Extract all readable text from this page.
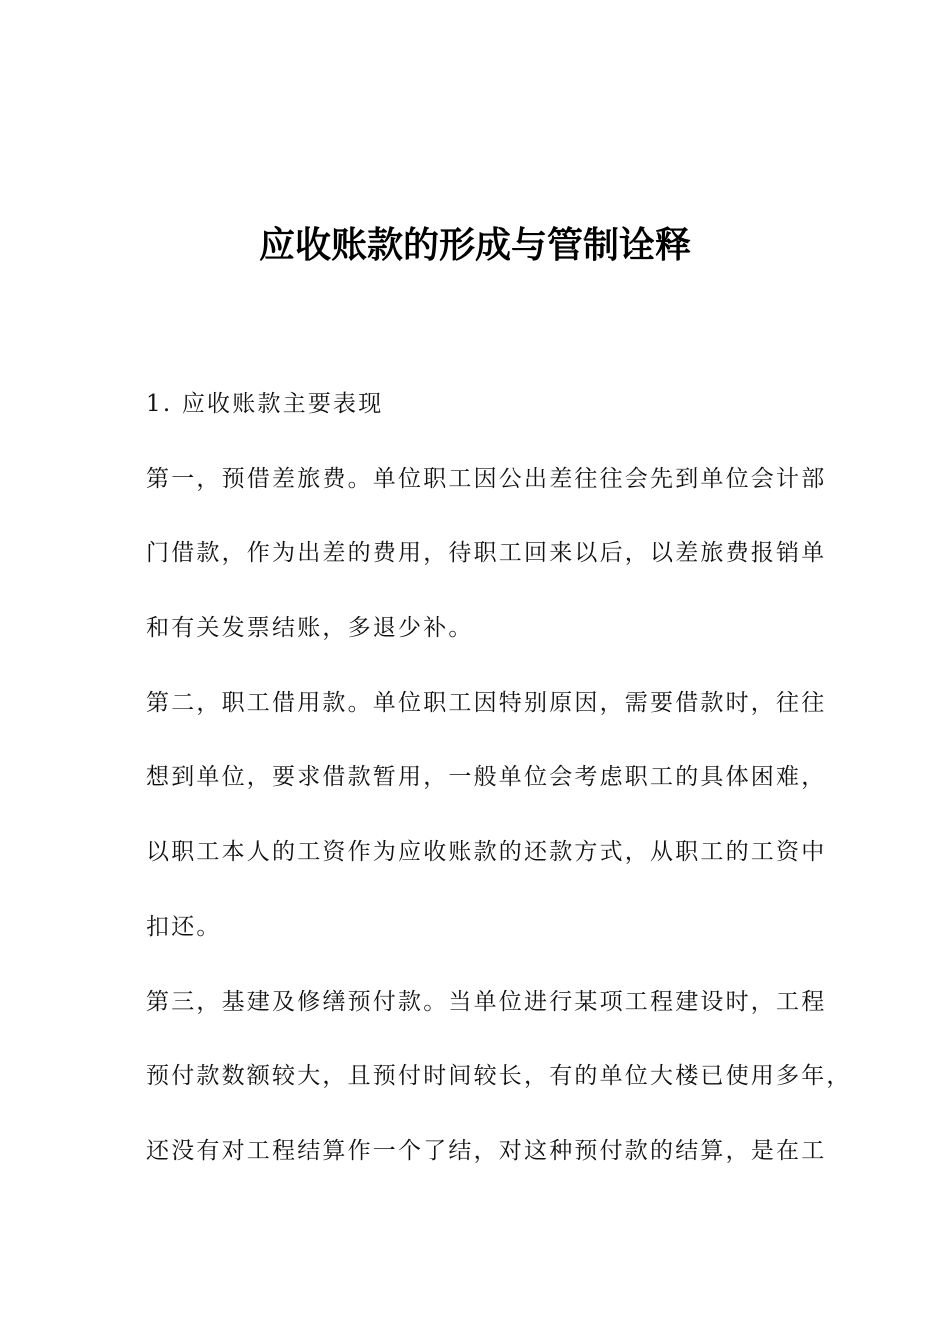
应收账款的形成与管制诠释
1. 应收账款主要表现
第一，预借差旅费。单位职工因公出差往往会先到单位会计部
门借款，作为出差的费用，待职工回来以后，以差旅费报销单
和有关发票结账，多退少补。
第二，职工借用款。单位职工因特别原因，需要借款时，往往
想到单位，要求借款暂用，一般单位会考虑职工的具体困难，
以职工本人的工资作为应收账款的还款方式，从职工的工资中
扣还。
第三，基建及修缮预付款。当单位进行某项工程建设时，工程
预付款数额较大，且预付时间较长，有的单位大楼已使用多年，
还没有对工程结算作一个了结，对这种预付款的结算，是在工
